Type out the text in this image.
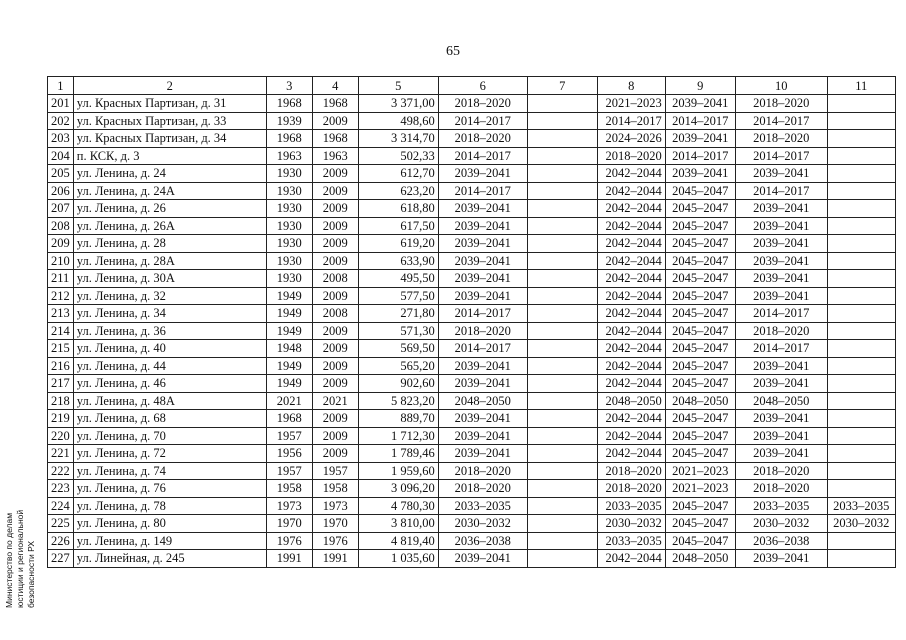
65
1	2	3	4	5	6	7	8	9	10	11
201	ул. Красных Партизан, д. 31	1968	1968	3 371,00	2018–2020		2021–2023	2039–2041	2018–2020	
202	ул. Красных Партизан, д. 33	1939	2009	498,60	2014–2017		2014–2017	2014–2017	2014–2017	
203	ул. Красных Партизан, д. 34	1968	1968	3 314,70	2018–2020		2024–2026	2039–2041	2018–2020	
204	п. КСК, д. 3	1963	1963	502,33	2014–2017		2018–2020	2014–2017	2014–2017	
205	ул. Ленина, д. 24	1930	2009	612,70	2039–2041		2042–2044	2039–2041	2039–2041	
206	ул. Ленина, д. 24А	1930	2009	623,20	2014–2017		2042–2044	2045–2047	2014–2017	
207	ул. Ленина, д. 26	1930	2009	618,80	2039–2041		2042–2044	2045–2047	2039–2041	
208	ул. Ленина, д. 26А	1930	2009	617,50	2039–2041		2042–2044	2045–2047	2039–2041	
209	ул. Ленина, д. 28	1930	2009	619,20	2039–2041		2042–2044	2045–2047	2039–2041	
210	ул. Ленина, д. 28А	1930	2009	633,90	2039–2041		2042–2044	2045–2047	2039–2041	
211	ул. Ленина, д. 30А	1930	2008	495,50	2039–2041		2042–2044	2045–2047	2039–2041	
212	ул. Ленина, д. 32	1949	2009	577,50	2039–2041		2042–2044	2045–2047	2039–2041	
213	ул. Ленина, д. 34	1949	2008	271,80	2014–2017		2042–2044	2045–2047	2014–2017	
214	ул. Ленина, д. 36	1949	2009	571,30	2018–2020		2042–2044	2045–2047	2018–2020	
215	ул. Ленина, д. 40	1948	2009	569,50	2014–2017		2042–2044	2045–2047	2014–2017	
216	ул. Ленина, д. 44	1949	2009	565,20	2039–2041		2042–2044	2045–2047	2039–2041	
217	ул. Ленина, д. 46	1949	2009	902,60	2039–2041		2042–2044	2045–2047	2039–2041	
218	ул. Ленина, д. 48А	2021	2021	5 823,20	2048–2050		2048–2050	2048–2050	2048–2050	
219	ул. Ленина, д. 68	1968	2009	889,70	2039–2041		2042–2044	2045–2047	2039–2041	
220	ул. Ленина, д. 70	1957	2009	1 712,30	2039–2041		2042–2044	2045–2047	2039–2041	
221	ул. Ленина, д. 72	1956	2009	1 789,46	2039–2041		2042–2044	2045–2047	2039–2041	
222	ул. Ленина, д. 74	1957	1957	1 959,60	2018–2020		2018–2020	2021–2023	2018–2020	
223	ул. Ленина, д. 76	1958	1958	3 096,20	2018–2020		2018–2020	2021–2023	2018–2020	
224	ул. Ленина, д. 78	1973	1973	4 780,30	2033–2035		2033–2035	2045–2047	2033–2035	2033–2035
225	ул. Ленина, д. 80	1970	1970	3 810,00	2030–2032		2030–2032	2045–2047	2030–2032	2030–2032
226	ул. Ленина, д. 149	1976	1976	4 819,40	2036–2038		2033–2035	2045–2047	2036–2038	
227	ул. Линейная, д. 245	1991	1991	1 035,60	2039–2041		2042–2044	2048–2050	2039–2041	
Министерство по делам юстиции и региональной безопасности РХ
